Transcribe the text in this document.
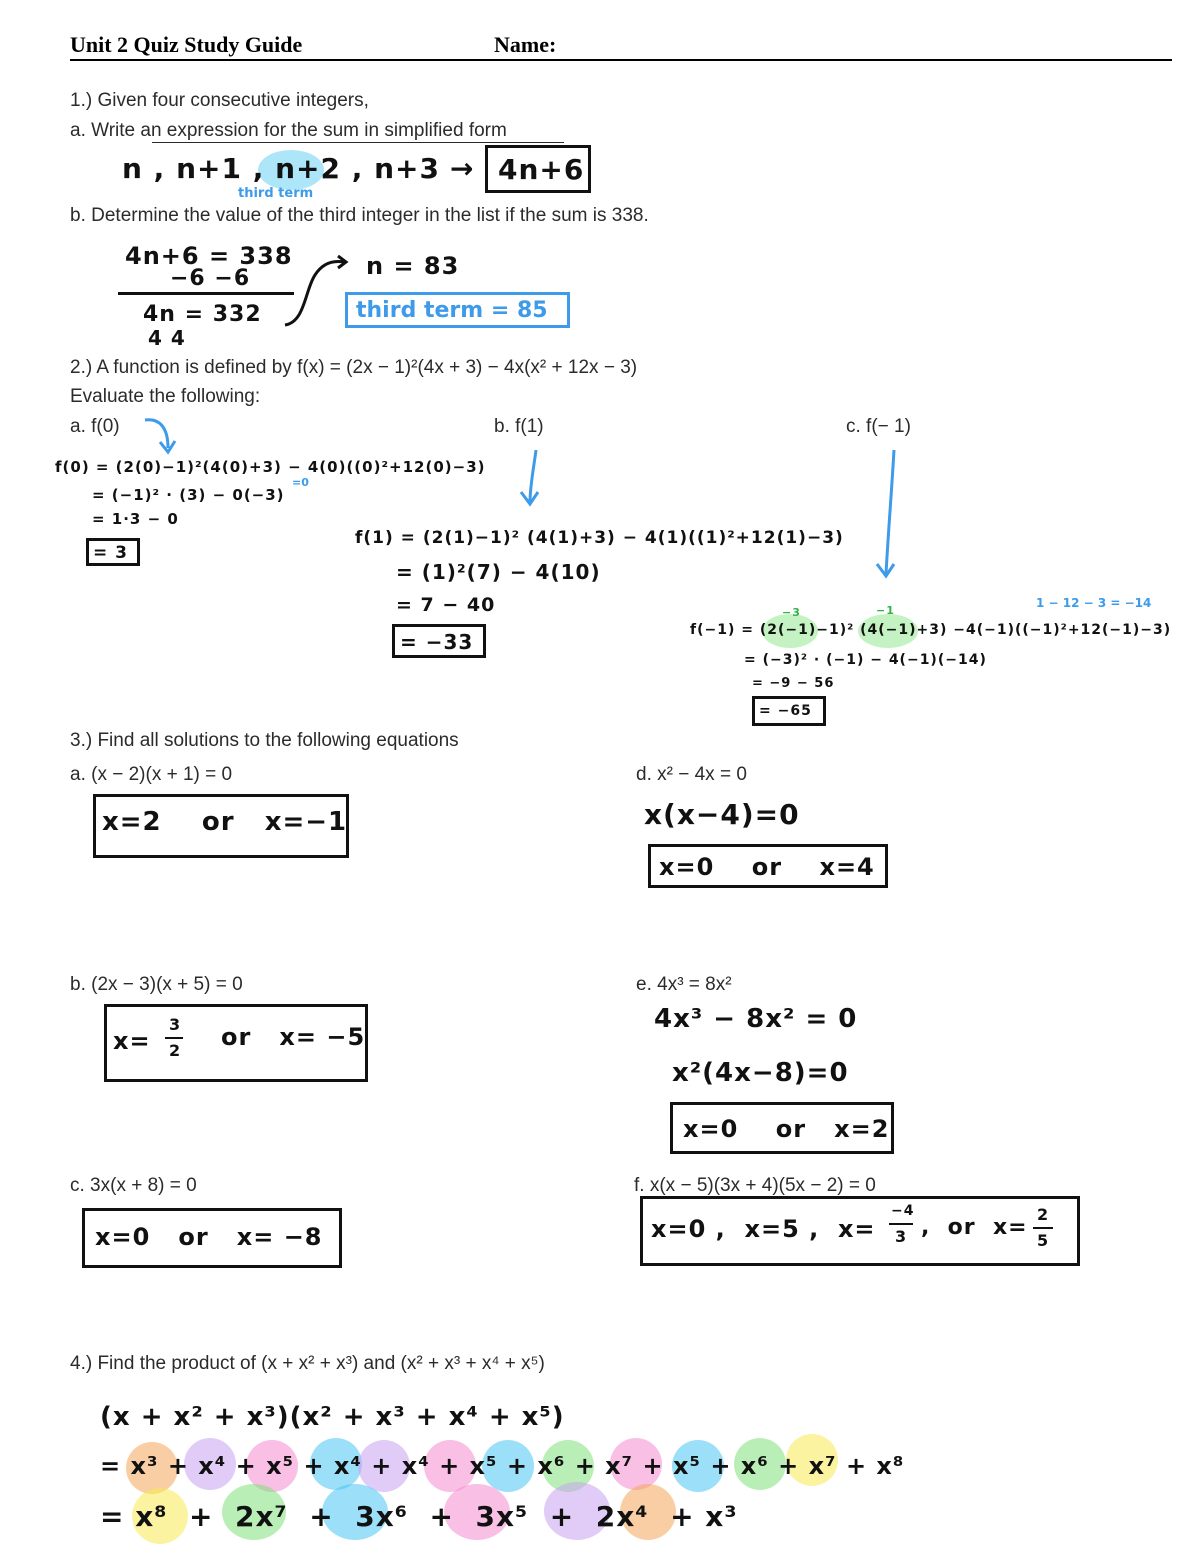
Unit 2 Quiz Study Guide	Name:
1.) Given four consecutive integers,
a. Write an expression for the sum in simplified form
n , n+1 , n+2 , n+3 → 4n+6
third term
b. Determine the value of the third integer in the list if the sum is 338.
4n+6 = 338
−6 −6
4n = 332
4 4
n = 83
third term = 85
2.) A function is defined by f(x) = (2x − 1)²(4x + 3) − 4x(x² + 12x − 3)
Evaluate the following:
a. f(0)	b. f(1)	c. f(− 1)
f(0) = (2(0)−1)²(4(0)+3) − 4(0)((0)²+12(0)−3)
=0
= (−1)² · (3) − 0(−3)
= 1·3 − 0
= 3
f(1) = (2(1)−1)² (4(1)+3) − 4(1)((1)²+12(1)−3)
= (1)²(7) − 4(10)
= 7 − 40
= −33
−3	−1
1 − 12 − 3 = −14
f(−1) = (2(−1)−1)² (4(−1)+3) −4(−1)((−1)²+12(−1)−3)
= (−3)² · (−1) − 4(−1)(−14)
= −9 − 56
= −65
3.) Find all solutions to the following equations
a. (x − 2)(x + 1) = 0
x=2    or   x=−1
b. (2x − 3)(x + 5) = 0
x=
3
2 or   x= −5
c. 3x(x + 8) = 0
x=0   or   x= −8
d. x² − 4x = 0
x(x−4)=0
x=0    or    x=4
e. 4x³ = 8x²
4x³ − 8x² = 0
x²(4x−8)=0
x=0    or   x=2
f. x(x − 5)(3x + 4)(5x − 2) = 0
x=0 ,  x=5 ,  x=
−4
3 ,  or  x=
2
5
4.) Find the product of (x + x² + x³) and (x² + x³ + x⁴ + x⁵)
(x + x² + x³)(x² + x³ + x⁴ + x⁵)
= x³ + x⁴ + x⁵ + x⁴ + x⁴ + x⁵ + x⁶ + x⁷ + x⁵ + x⁶ + x⁷ + x⁸
= x⁸  +  2x⁷  +  3x⁶  +  3x⁵  +  2x⁴  + x³
